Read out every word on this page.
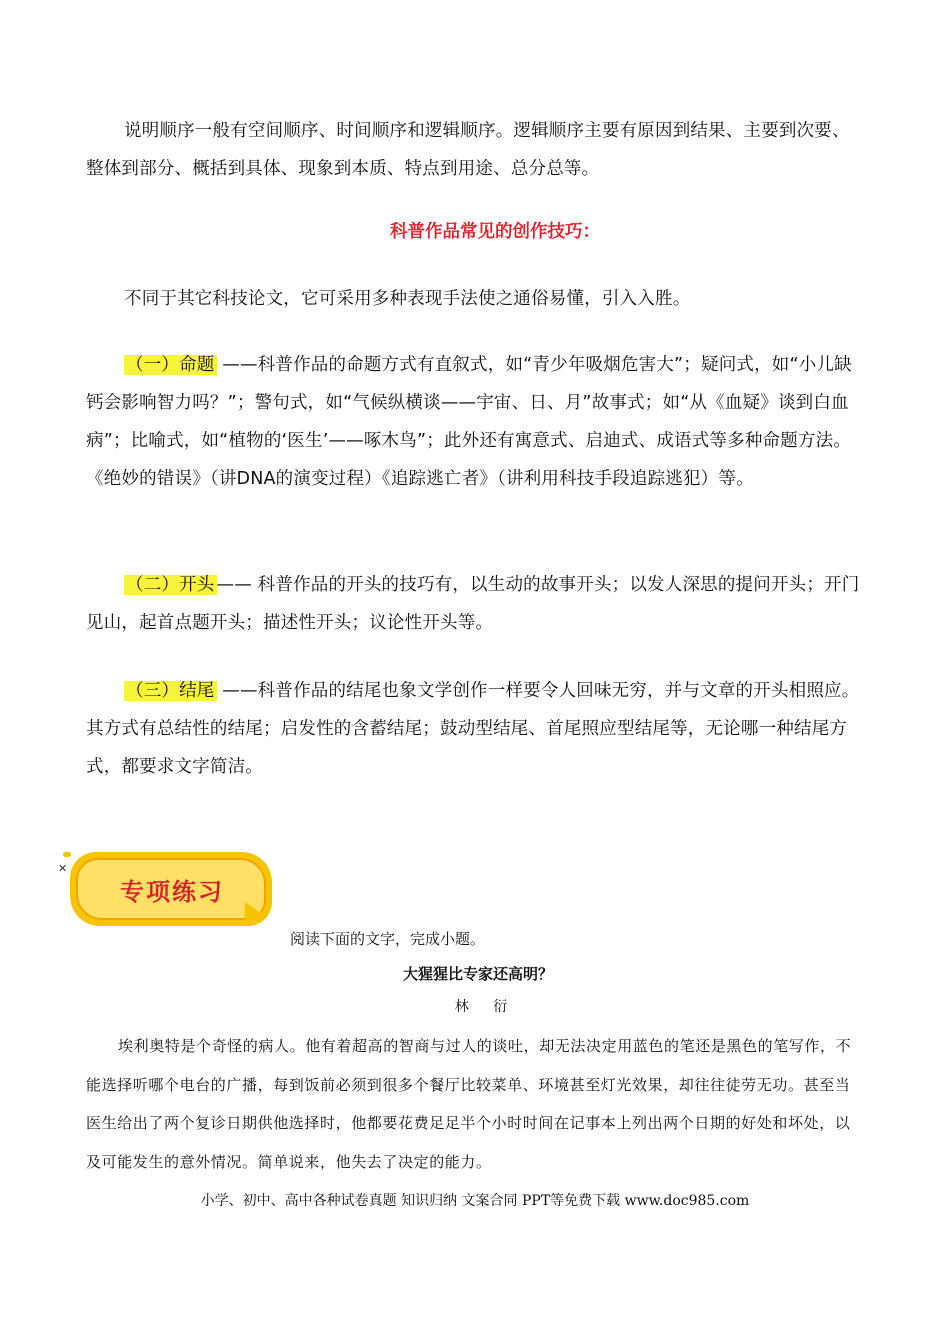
说明顺序一般有空间顺序、时间顺序和逻辑顺序。逻辑顺序主要有原因到结果、主要到次要、整体到部分、概括到具体、现象到本质、特点到用途、总分总等。
科普作品常见的创作技巧：
不同于其它科技论文，它可采用多种表现手法使之通俗易懂，引入入胜。
（一）命题 ——科普作品的命题方式有直叙式，如“青少年吸烟危害大”；疑问式，如“小儿缺钙会影响智力吗？”；警句式，如“气候纵横谈——宇宙、日、月”故事式；如“从《血疑》谈到白血病”；比喻式，如“植物的‘医生’——啄木鸟”；此外还有寓意式、启迪式、成语式等多种命题方法。《绝妙的错误》（讲DNA的演变过程）《追踪逃亡者》（讲利用科技手段追踪逃犯）等。
（二）开头 —— 科普作品的开头的技巧有，以生动的故事开头；以发人深思的提问开头；开门见山，起首点题开头；描述性开头；议论性开头等。
（三）结尾 ——科普作品的结尾也象文学创作一样要令人回味无穷，并与文章的开头相照应。其方式有总结性的结尾；启发性的含蓄结尾；鼓动型结尾、首尾照应型结尾等，无论哪一种结尾方式，都要求文字简洁。
✕
专项练习
阅读下面的文字，完成小题。
大猩猩比专家还高明？
林 衍
埃利奥特是个奇怪的病人。他有着超高的智商与过人的谈吐，却无法决定用蓝色的笔还是黑色的笔写作，不能选择听哪个电台的广播，每到饭前必须到很多个餐厅比较菜单、环境甚至灯光效果，却往往徒劳无功。甚至当医生给出了两个复诊日期供他选择时，他都要花费足足半个小时时间在记事本上列出两个日期的好处和坏处，以及可能发生的意外情况。简单说来，他失去了决定的能力。
小学、初中、高中各种试卷真题 知识归纳 文案合同 PPT等免费下载 www.doc985.com
